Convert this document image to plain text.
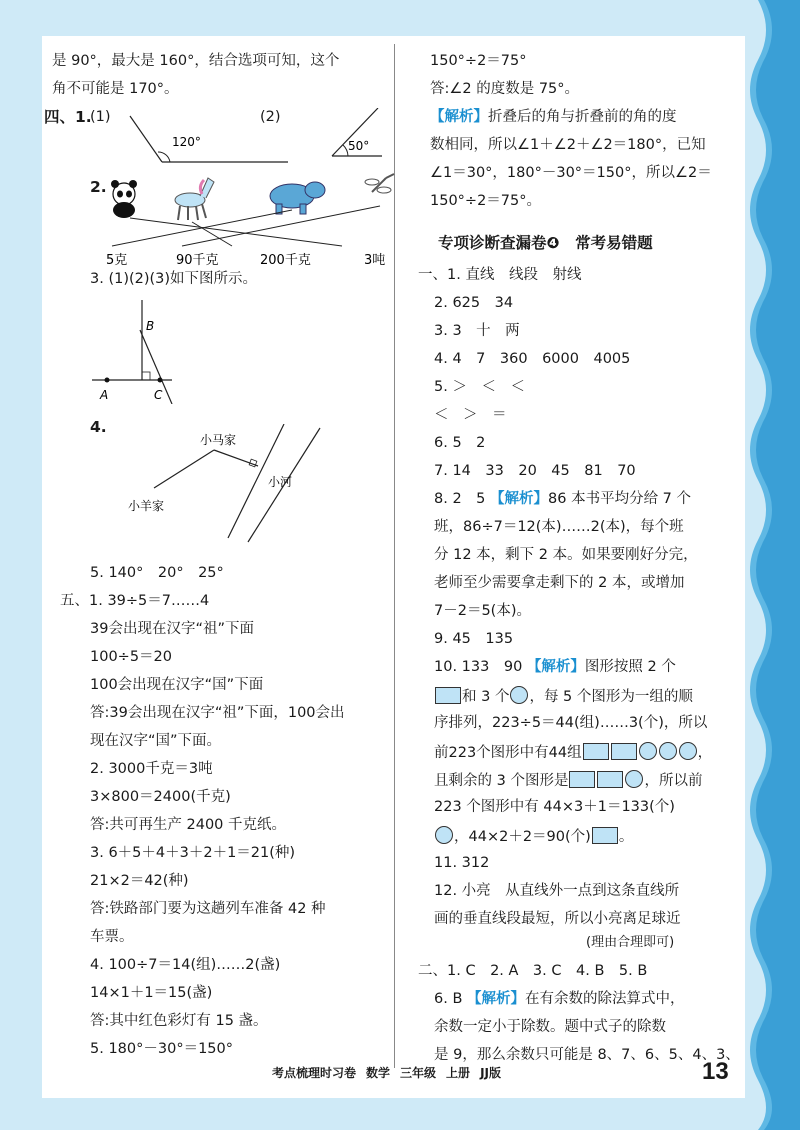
是 90°，最大是 160°，结合选项可知，这个
角不可能是 170°。
四、1.
(1)	(2)
120°	50°
2.
5克	90千克	200千克	3吨
3. (1)(2)(3)如下图所示。
B
A	C
4.
小马家
小羊家
小河
5. 140°　20°　25°
五、1. 39÷5＝7……4
39会出现在汉字“祖”下面
100÷5＝20
100会出现在汉字“国”下面
答:39会出现在汉字“祖”下面，100会出
现在汉字“国”下面。
2. 3000千克＝3吨
3×800＝2400(千克)
答:共可再生产 2400 千克纸。
3. 6＋5＋4＋3＋2＋1＝21(种)
21×2＝42(种)
答:铁路部门要为这趟列车准备 42 种
车票。
4. 100÷7＝14(组)……2(盏)
14×1＋1＝15(盏)
答:其中红色彩灯有 15 盏。
5. 180°－30°＝150°
150°÷2＝75°
答:∠2 的度数是 75°。
【解析】折叠后的角与折叠前的角的度
数相同，所以∠1＋∠2＋∠2＝180°，已知
∠1＝30°，180°－30°＝150°，所以∠2＝
150°÷2＝75°。
专项诊断查漏卷❹　常考易错题
一、1. 直线　线段　射线
2. 625　34
3. 3　十　两
4. 4　7　360　6000　4005
5. ＞　＜　＜
＜　＞　＝
6. 5　2
7. 14　33　20　45　81　70
8. 2　5 【解析】86 本书平均分给 7 个
班，86÷7＝12(本)……2(本)，每个班
分 12 本，剩下 2 本。如果要刚好分完，
老师至少需要拿走剩下的 2 本，或增加
7－2＝5(本)。
9. 45　135
10. 133　90 【解析】图形按照 2 个
和 3 个 ，每 5 个图形为一组的顺
序排列，223÷5＝44(组)……3(个)，所以
前223个图形中有44组	，
且剩余的 3 个图形是	，所以前
223 个图形中有 44×3＋1＝133(个)
，44×2＋2＝90(个) 。
11. 312
12. 小亮　从直线外一点到这条直线所
画的垂直线段最短，所以小亮离足球近
(理由合理即可)
二、1. C　2. A　3. C　4. B　5. B
6. B 【解析】在有余数的除法算式中，
余数一定小于除数。题中式子的除数
是 9，那么余数只可能是 8、7、6、5、4、3、
考点梳理时习卷 数学 三年级 上册 JJ版	13
